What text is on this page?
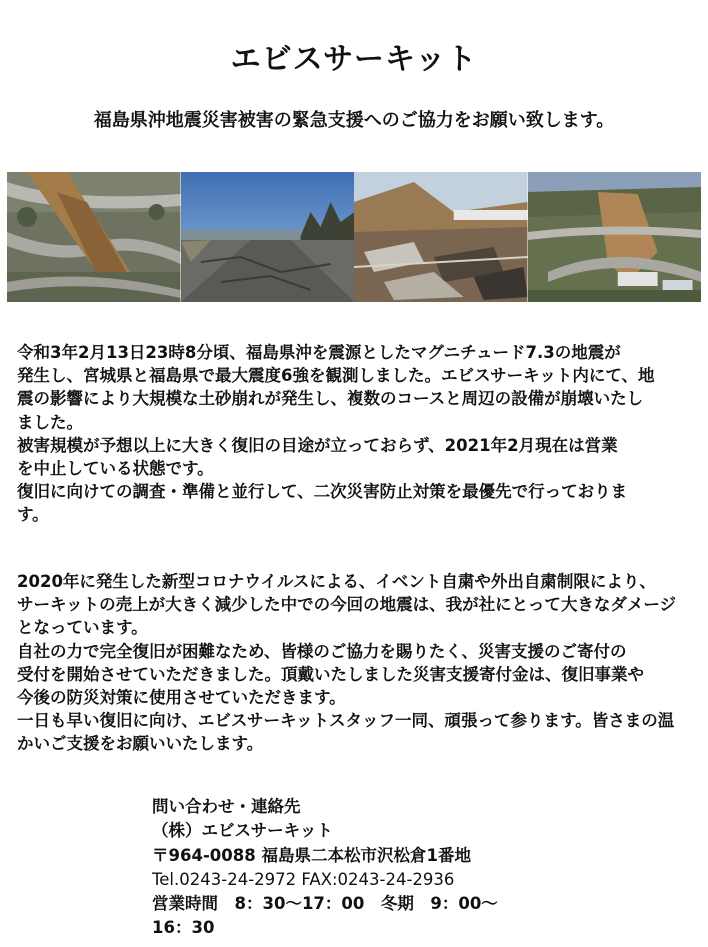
エビスサーキット
福島県沖地震災害被害の緊急支援へのご協力をお願い致します。

令和3年2月13日23時8分頃、福島県沖を震源としたマグニチュード7.3の地震が

発生し、宮城県と福島県で最大震度6強を観測しました。エビスサーキット内にて、地

震の影響により大規模な土砂崩れが発生し、複数のコースと周辺の設備が崩壊いたし

ました。

被害規模が予想以上に大きく復旧の目途が立っておらず、2021年2月現在は営業

を中止している状態です。

復旧に向けての調査・準備と並行して、二次災害防止対策を最優先で行っておりま

す。

2020年に発生した新型コロナウイルスによる、イベント自粛や外出自粛制限により、

サーキットの売上が大きく減少した中での今回の地震は、我が社にとって大きなダメージ

となっています。

自社の力で完全復旧が困難なため、皆様のご協力を賜りたく、災害支援のご寄付の

受付を開始させていただきました。頂戴いたしました災害支援寄付金は、復旧事業や

今後の防災対策に使用させていただきます。

一日も早い復旧に向け、エビスサーキットスタッフ一同、頑張って参ります。皆さまの温

かいご支援をお願いいたします。

問い合わせ・連絡先

（株）エビスサーキット

〒964-0088 福島県二本松市沢松倉1番地

Tel.0243-24-2972 FAX:0243-24-2936

営業時間　8：30〜17：00　冬期　9：00〜

16：30
